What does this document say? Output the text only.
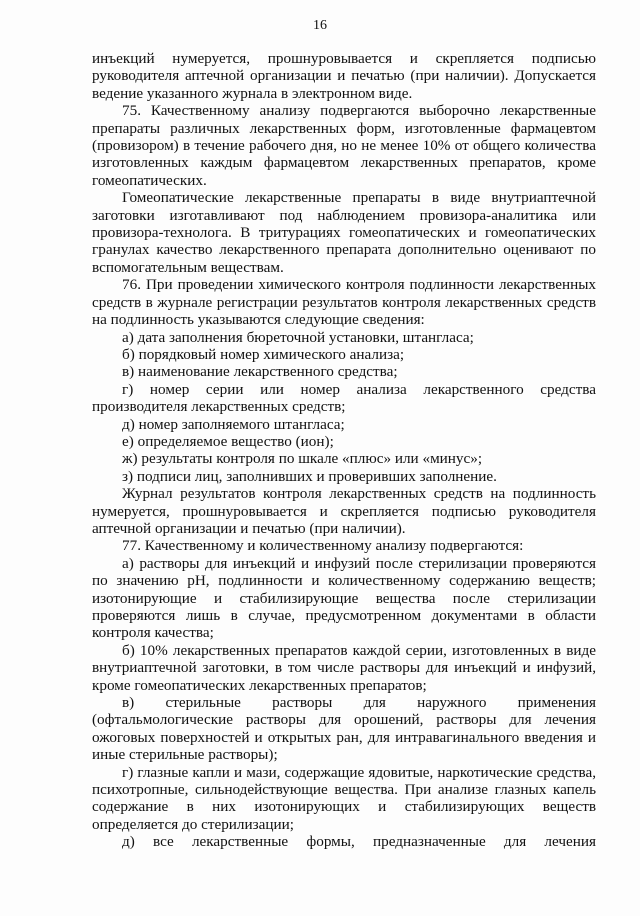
16

инъекций нумеруется, прошнуровывается и скрепляется подписью руководителя аптечной организации и печатью (при наличии). Допускается ведение указанного журнала в электронном виде.

75. Качественному анализу подвергаются выборочно лекарственные препараты различных лекарственных форм, изготовленные фармацевтом (провизором) в течение рабочего дня, но не менее 10% от общего количества изготовленных каждым фармацевтом лекарственных препаратов, кроме гомеопатических.

Гомеопатические лекарственные препараты в виде внутриаптечной заготовки изготавливают под наблюдением провизора-аналитика или провизора-технолога. В тритурациях гомеопатических и гомеопатических гранулах качество лекарственного препарата дополнительно оценивают по вспомогательным веществам.

76. При проведении химического контроля подлинности лекарственных средств в журнале регистрации результатов контроля лекарственных средств на подлинность указываются следующие сведения:

а) дата заполнения бюреточной установки, штангласа;

б) порядковый номер химического анализа;

в) наименование лекарственного средства;

г) номер серии или номер анализа лекарственного средства производителя лекарственных средств;

д) номер заполняемого штангласа;

е) определяемое вещество (ион);

ж) результаты контроля по шкале «плюс» или «минус»;

з) подписи лиц, заполнивших и проверивших заполнение.

Журнал результатов контроля лекарственных средств на подлинность нумеруется, прошнуровывается и скрепляется подписью руководителя аптечной организации и печатью (при наличии).

77. Качественному и количественному анализу подвергаются:

а) растворы для инъекций и инфузий после стерилизации проверяются по значению pH, подлинности и количественному содержанию веществ; изотонирующие и стабилизирующие вещества после стерилизации проверяются лишь в случае, предусмотренном документами в области контроля качества;

б) 10% лекарственных препаратов каждой серии, изготовленных в виде внутриаптечной заготовки, в том числе растворы для инъекций и инфузий, кроме гомеопатических лекарственных препаратов;

в) стерильные растворы для наружного применения (офтальмологические растворы для орошений, растворы для лечения ожоговых поверхностей и открытых ран, для интравагинального введения и иные стерильные растворы);

г) глазные капли и мази, содержащие ядовитые, наркотические средства, психотропные, сильнодействующие вещества. При анализе глазных капель содержание в них изотонирующих и стабилизирующих веществ определяется до стерилизации;

д) все лекарственные формы, предназначенные для лечения
